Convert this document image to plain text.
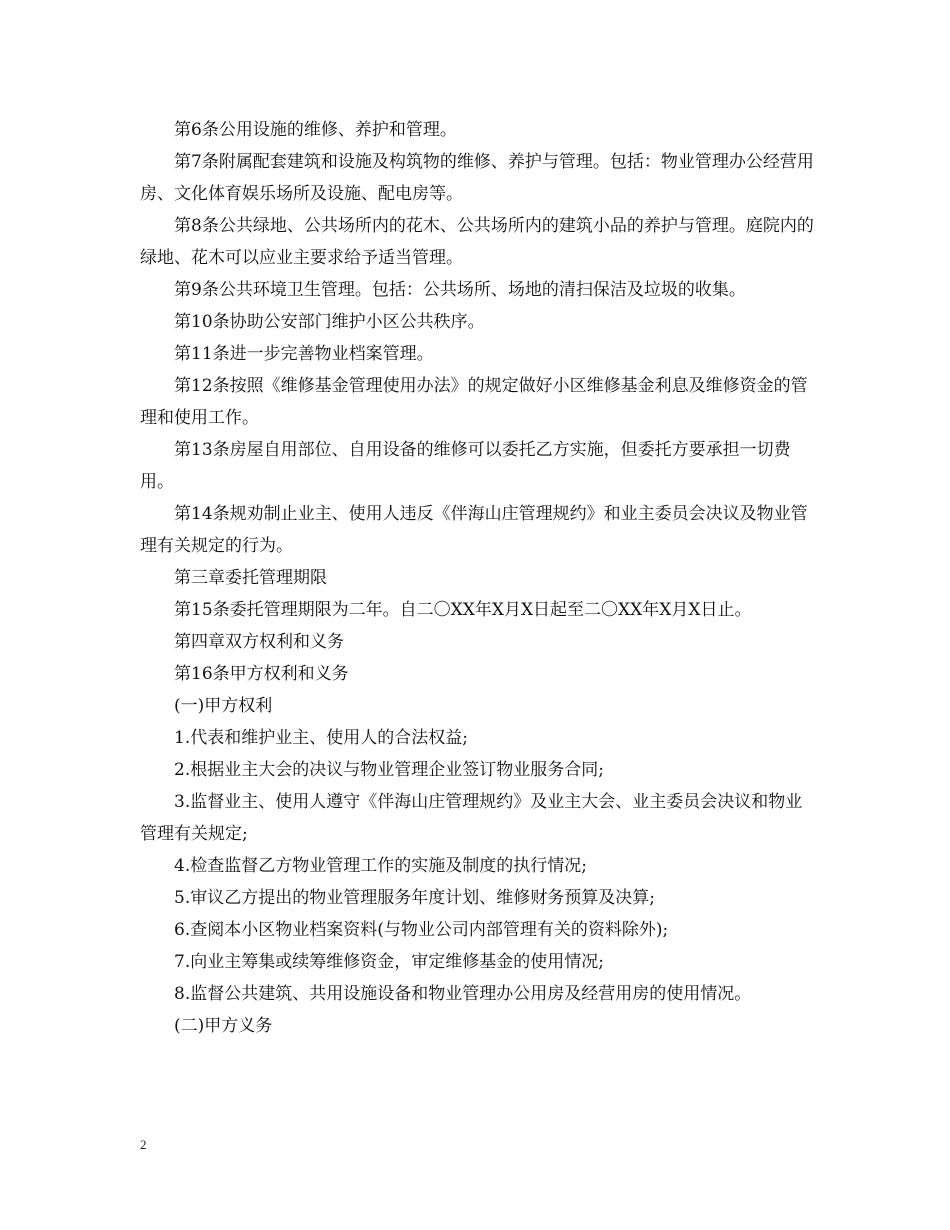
第6条公用设施的维修、养护和管理。

第7条附属配套建筑和设施及构筑物的维修、养护与管理。包括：物业管理办公经营用房、文化体育娱乐场所及设施、配电房等。

第8条公共绿地、公共场所内的花木、公共场所内的建筑小品的养护与管理。庭院内的绿地、花木可以应业主要求给予适当管理。

第9条公共环境卫生管理。包括：公共场所、场地的清扫保洁及垃圾的收集。

第10条协助公安部门维护小区公共秩序。

第11条进一步完善物业档案管理。

第12条按照《维修基金管理使用办法》的规定做好小区维修基金利息及维修资金的管理和使用工作。

第13条房屋自用部位、自用设备的维修可以委托乙方实施，但委托方要承担一切费用。

第14条规劝制止业主、使用人违反《伴海山庄管理规约》和业主委员会决议及物业管理有关规定的行为。

第三章委托管理期限

第15条委托管理期限为二年。自二〇XX年X月X日起至二〇XX年X月X日止。

第四章双方权利和义务

第16条甲方权利和义务

(一)甲方权利

1.代表和维护业主、使用人的合法权益;

2.根据业主大会的决议与物业管理企业签订物业服务合同;

3.监督业主、使用人遵守《伴海山庄管理规约》及业主大会、业主委员会决议和物业管理有关规定;

4.检查监督乙方物业管理工作的实施及制度的执行情况;

5.审议乙方提出的物业管理服务年度计划、维修财务预算及决算;

6.查阅本小区物业档案资料(与物业公司内部管理有关的资料除外);

7.向业主筹集或续筹维修资金，审定维修基金的使用情况;

8.监督公共建筑、共用设施设备和物业管理办公用房及经营用房的使用情况。

(二)甲方义务

2
